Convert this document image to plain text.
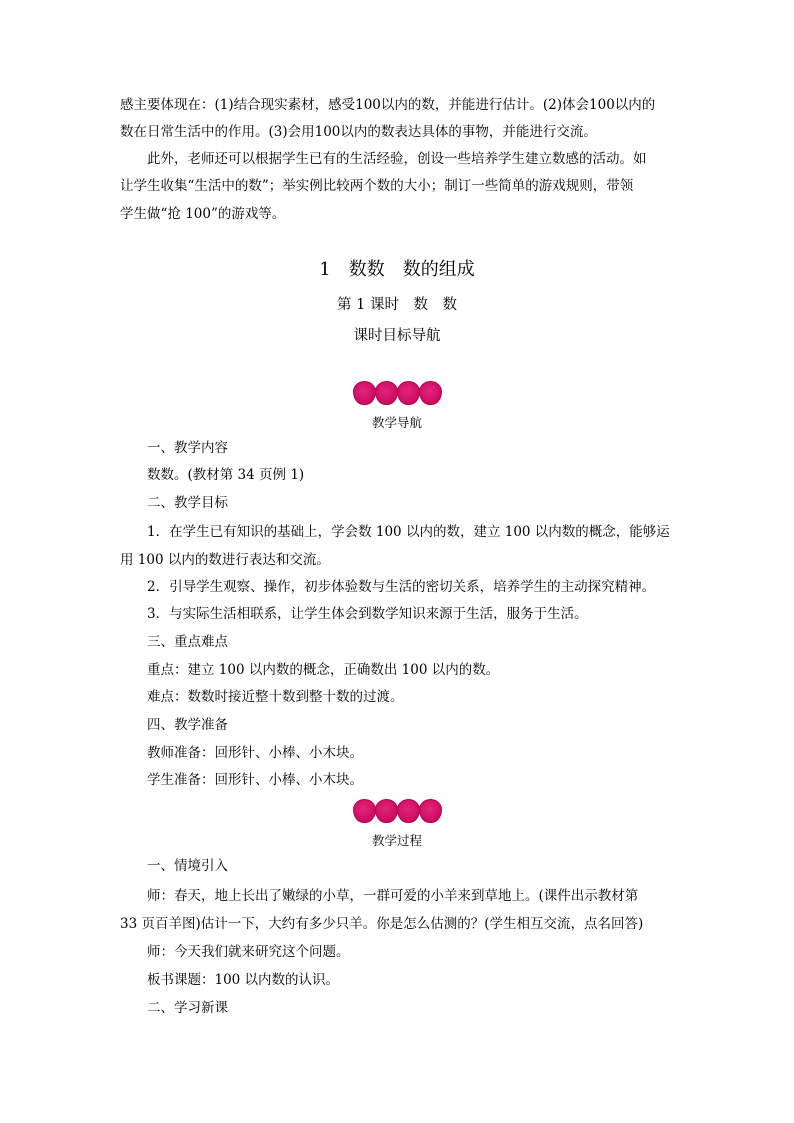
感主要体现在：(1)结合现实素材，感受100以内的数，并能进行估计。(2)体会100以内的
数在日常生活中的作用。(3)会用100以内的数表达具体的事物，并能进行交流。
此外，老师还可以根据学生已有的生活经验，创设一些培养学生建立数感的活动。如
让学生收集“生活中的数”；举实例比较两个数的大小；制订一些简单的游戏规则，带领
学生做“抢 100”的游戏等。
1　数数　数的组成
第 1 课时　数　数
课时目标导航
教学导航
一、教学内容
数数。(教材第 34 页例 1)
二、教学目标
1．在学生已有知识的基础上，学会数 100 以内的数，建立 100 以内数的概念，能够运
用 100 以内的数进行表达和交流。
2．引导学生观察、操作，初步体验数与生活的密切关系，培养学生的主动探究精神。
3．与实际生活相联系，让学生体会到数学知识来源于生活，服务于生活。
三、重点难点
重点：建立 100 以内数的概念，正确数出 100 以内的数。
难点：数数时接近整十数到整十数的过渡。
四、教学准备
教师准备：回形针、小棒、小木块。
学生准备：回形针、小棒、小木块。
教学过程
一、情境引入
师：春天，地上长出了嫩绿的小草，一群可爱的小羊来到草地上。(课件出示教材第
33 页百羊图)估计一下，大约有多少只羊。你是怎么估测的？(学生相互交流，点名回答)
师：今天我们就来研究这个问题。
板书课题：100 以内数的认识。
二、学习新课
